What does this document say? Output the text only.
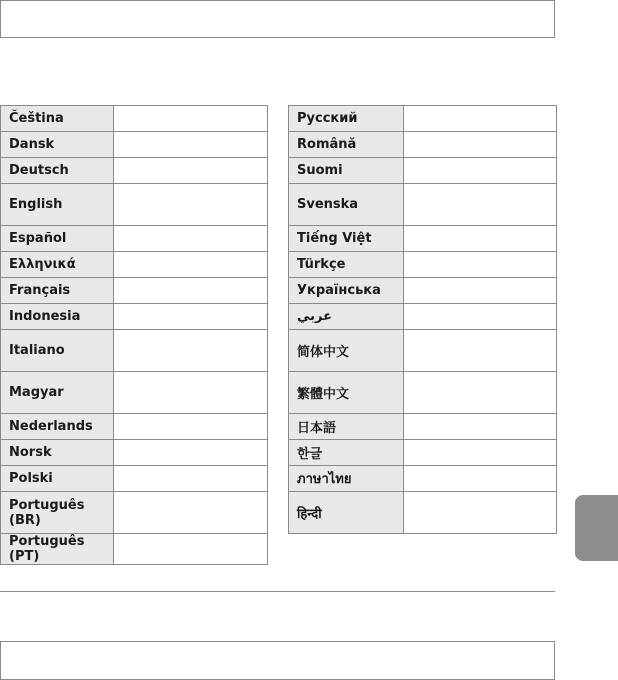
Čeština	
Dansk	
Deutsch	
English	
Español	
Ελληνικά	
Français	
Indonesia	
Italiano	
Magyar	
Nederlands	
Norsk	
Polski	
Português (BR)	
Português (PT)	
Русский	
Română	
Suomi	
Svenska	
Tiếng Việt	
Türkçe	
Українська	
عربي	
简体中文	
繁體中文	
日本語	
한글	
ภาษาไทย	
हिन्दी	
